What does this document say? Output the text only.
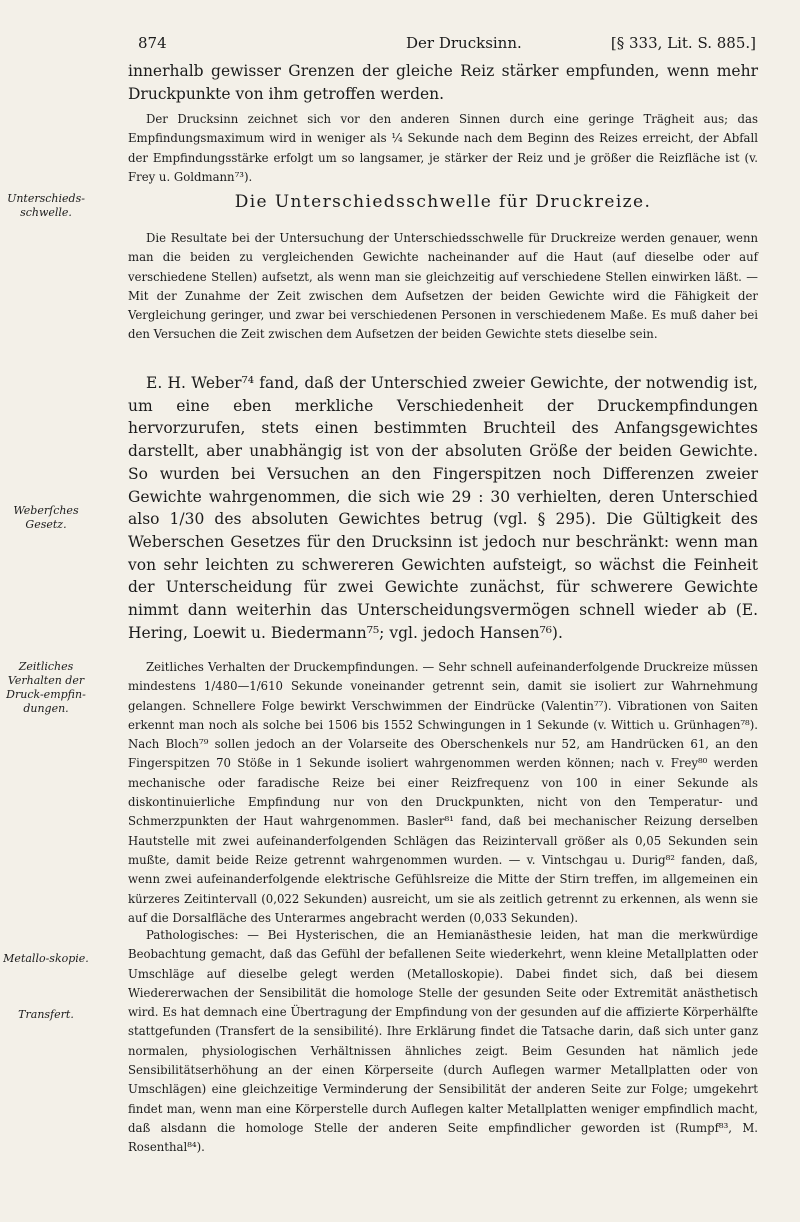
874	Der Drucksinn.	[§ 333, Lit. S. 885.]
Unterschieds-schwelle.
Weberſches Gesetz.
Zeitliches Verhalten der Druck-empfin-dungen.
Metallo-skopie.
Transfert.
innerhalb gewisser Grenzen der gleiche Reiz stärker empfunden, wenn mehr Druckpunkte von ihm getroffen werden.
Der Drucksinn zeichnet sich vor den anderen Sinnen durch eine geringe Trägheit aus; das Empfindungsmaximum wird in weniger als ¼ Sekunde nach dem Beginn des Reizes erreicht, der Abfall der Empfindungsstärke erfolgt um so langsamer, je stärker der Reiz und je größer die Reizfläche ist (v. Frey u. Goldmann⁷³).
Die Unterschiedsschwelle für Druckreize.
Die Resultate bei der Untersuchung der Unterschiedsschwelle für Druckreize werden genauer, wenn man die beiden zu vergleichenden Gewichte nacheinander auf die Haut (auf dieselbe oder auf verschiedene Stellen) aufsetzt, als wenn man sie gleichzeitig auf verschiedene Stellen einwirken läßt. — Mit der Zunahme der Zeit zwischen dem Aufsetzen der beiden Gewichte wird die Fähigkeit der Vergleichung geringer, und zwar bei verschiedenen Personen in verschiedenem Maße. Es muß daher bei den Versuchen die Zeit zwischen dem Aufsetzen der beiden Gewichte stets dieselbe sein.
E. H. Weber⁷⁴ fand, daß der Unterschied zweier Gewichte, der notwendig ist, um eine eben merkliche Verschiedenheit der Druckempfindungen hervorzurufen, stets einen bestimmten Bruchteil des Anfangsgewichtes darstellt, aber unabhängig ist von der absoluten Größe der beiden Gewichte. So wurden bei Versuchen an den Fingerspitzen noch Differenzen zweier Gewichte wahrgenommen, die sich wie 29 : 30 verhielten, deren Unterschied also 1/30 des absoluten Gewichtes betrug (vgl. § 295). Die Gültigkeit des Weberschen Gesetzes für den Drucksinn ist jedoch nur beschränkt: wenn man von sehr leichten zu schwereren Gewichten aufsteigt, so wächst die Feinheit der Unterscheidung für zwei Gewichte zunächst, für schwerere Gewichte nimmt dann weiterhin das Unterscheidungsvermögen schnell wieder ab (E. Hering, Loewit u. Biedermann⁷⁵; vgl. jedoch Hansen⁷⁶).
Zeitliches Verhalten der Druckempfindungen. — Sehr schnell aufeinanderfolgende Druckreize müssen mindestens 1/480—1/610 Sekunde voneinander getrennt sein, damit sie isoliert zur Wahrnehmung gelangen. Schnellere Folge bewirkt Verschwimmen der Eindrücke (Valentin⁷⁷). Vibrationen von Saiten erkennt man noch als solche bei 1506 bis 1552 Schwingungen in 1 Sekunde (v. Wittich u. Grünhagen⁷⁸). Nach Bloch⁷⁹ sollen jedoch an der Volarseite des Oberschenkels nur 52, am Handrücken 61, an den Fingerspitzen 70 Stöße in 1 Sekunde isoliert wahrgenommen werden können; nach v. Frey⁸⁰ werden mechanische oder faradische Reize bei einer Reizfrequenz von 100 in einer Sekunde als diskontinuierliche Empfindung nur von den Druckpunkten, nicht von den Temperatur- und Schmerzpunkten der Haut wahrgenommen. Basler⁸¹ fand, daß bei mechanischer Reizung derselben Hautstelle mit zwei aufeinanderfolgenden Schlägen das Reizintervall größer als 0,05 Sekunden sein mußte, damit beide Reize getrennt wahrgenommen wurden. — v. Vintschgau u. Durig⁸² fanden, daß, wenn zwei aufeinanderfolgende elektrische Gefühlsreize die Mitte der Stirn treffen, im allgemeinen ein kürzeres Zeitintervall (0,022 Sekunden) ausreicht, um sie als zeitlich getrennt zu erkennen, als wenn sie auf die Dorsalfläche des Unterarmes angebracht werden (0,033 Sekunden).
Pathologisches: — Bei Hysterischen, die an Hemianästhesie leiden, hat man die merkwürdige Beobachtung gemacht, daß das Gefühl der befallenen Seite wiederkehrt, wenn kleine Metallplatten oder Umschläge auf dieselbe gelegt werden (Metalloskopie). Dabei findet sich, daß bei diesem Wiedererwachen der Sensibilität die homologe Stelle der gesunden Seite oder Extremität anästhetisch wird. Es hat demnach eine Übertragung der Empfindung von der gesunden auf die affizierte Körperhälfte stattgefunden (Transfert de la sensibilité). Ihre Erklärung findet die Tatsache darin, daß sich unter ganz normalen, physiologischen Verhältnissen ähnliches zeigt. Beim Gesunden hat nämlich jede Sensibilitätserhöhung an der einen Körperseite (durch Auflegen warmer Metallplatten oder von Umschlägen) eine gleichzeitige Verminderung der Sensibilität der anderen Seite zur Folge; umgekehrt findet man, wenn man eine Körperstelle durch Auflegen kalter Metallplatten weniger empfindlich macht, daß alsdann die homologe Stelle der anderen Seite empfindlicher geworden ist (Rumpf⁸³, M. Rosenthal⁸⁴).
